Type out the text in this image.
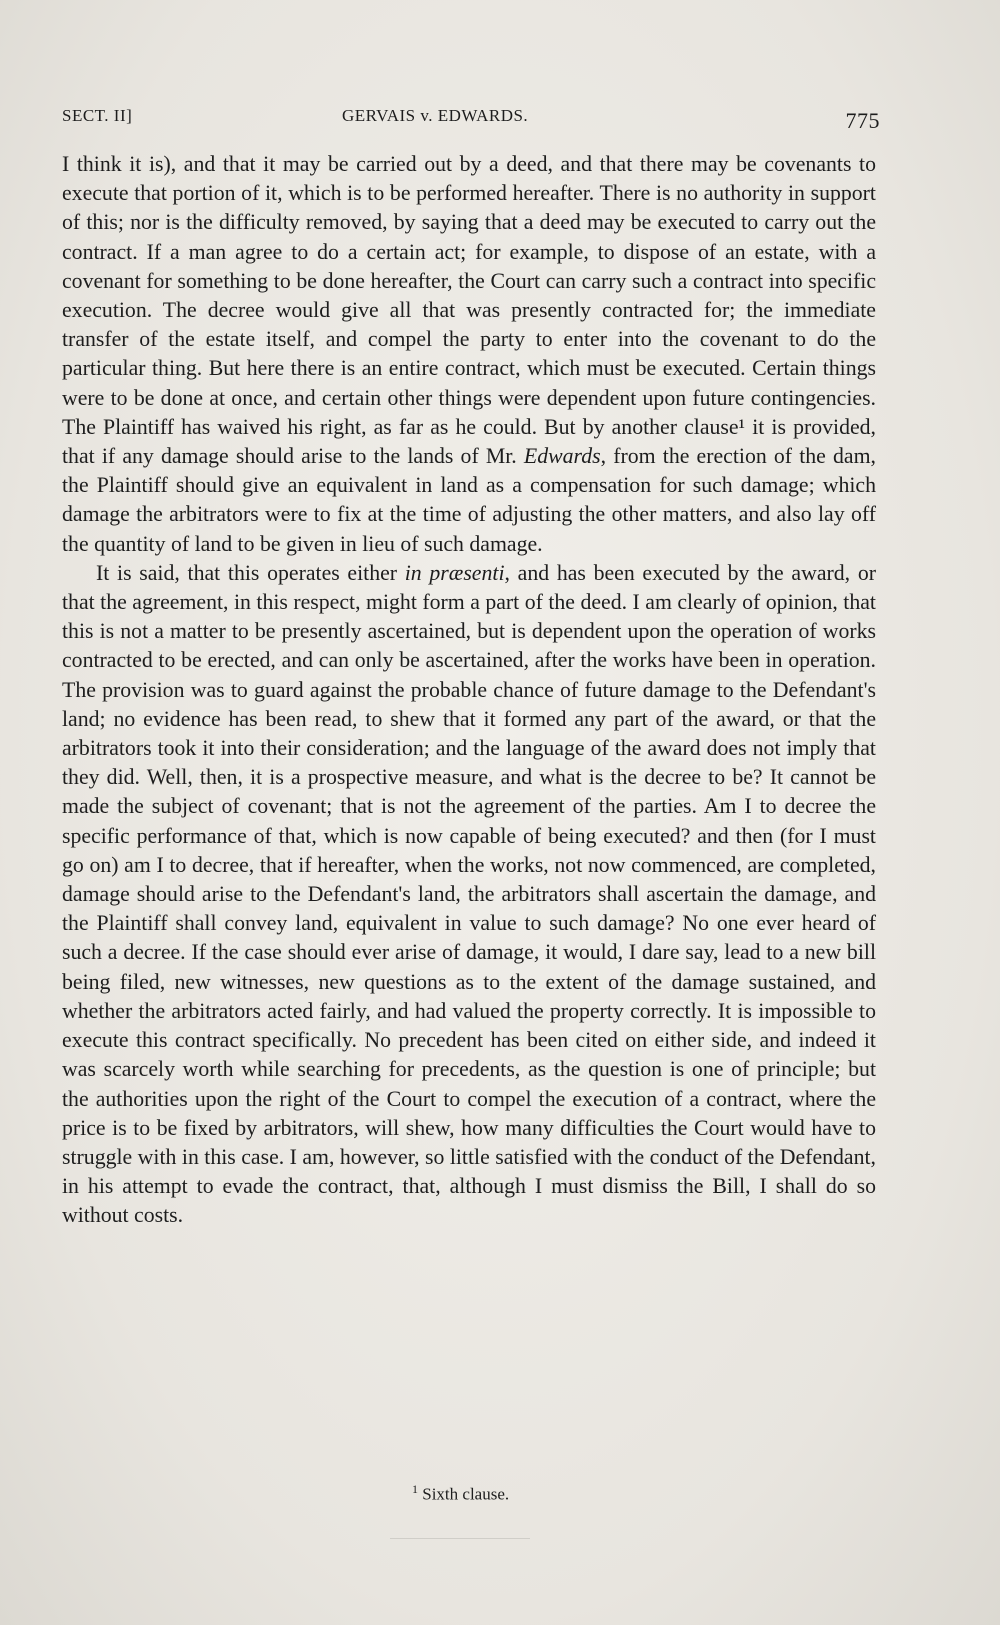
SECT. II]	GERVAIS v. EDWARDS.	775

I think it is), and that it may be carried out by a deed, and that there may be covenants to execute that portion of it, which is to be performed hereafter. There is no authority in support of this; nor is the difficulty removed, by saying that a deed may be executed to carry out the contract. If a man agree to do a certain act; for example, to dispose of an estate, with a covenant for something to be done hereafter, the Court can carry such a contract into specific execution. The decree would give all that was presently contracted for; the immediate transfer of the estate itself, and compel the party to enter into the covenant to do the particular thing. But here there is an entire contract, which must be executed. Certain things were to be done at once, and certain other things were dependent upon future contingencies. The Plaintiff has waived his right, as far as he could. But by another clause¹ it is provided, that if any damage should arise to the lands of Mr. Edwards, from the erection of the dam, the Plaintiff should give an equivalent in land as a compensation for such damage; which damage the arbitrators were to fix at the time of adjusting the other matters, and also lay off the quantity of land to be given in lieu of such damage.

It is said, that this operates either in præsenti, and has been executed by the award, or that the agreement, in this respect, might form a part of the deed. I am clearly of opinion, that this is not a matter to be presently ascertained, but is dependent upon the operation of works contracted to be erected, and can only be ascertained, after the works have been in operation. The provision was to guard against the probable chance of future damage to the Defendant's land; no evidence has been read, to shew that it formed any part of the award, or that the arbitrators took it into their consideration; and the language of the award does not imply that they did. Well, then, it is a prospective measure, and what is the decree to be? It cannot be made the subject of covenant; that is not the agreement of the parties. Am I to decree the specific performance of that, which is now capable of being executed? and then (for I must go on) am I to decree, that if hereafter, when the works, not now commenced, are completed, damage should arise to the Defendant's land, the arbitrators shall ascertain the damage, and the Plaintiff shall convey land, equivalent in value to such damage? No one ever heard of such a decree. If the case should ever arise of damage, it would, I dare say, lead to a new bill being filed, new witnesses, new questions as to the extent of the damage sustained, and whether the arbitrators acted fairly, and had valued the property correctly. It is impossible to execute this contract specifically. No precedent has been cited on either side, and indeed it was scarcely worth while searching for precedents, as the question is one of principle; but the authorities upon the right of the Court to compel the execution of a contract, where the price is to be fixed by arbitrators, will shew, how many difficulties the Court would have to struggle with in this case. I am, however, so little satisfied with the conduct of the Defendant, in his attempt to evade the contract, that, although I must dismiss the Bill, I shall do so without costs.

$^1$ Sixth clause.
